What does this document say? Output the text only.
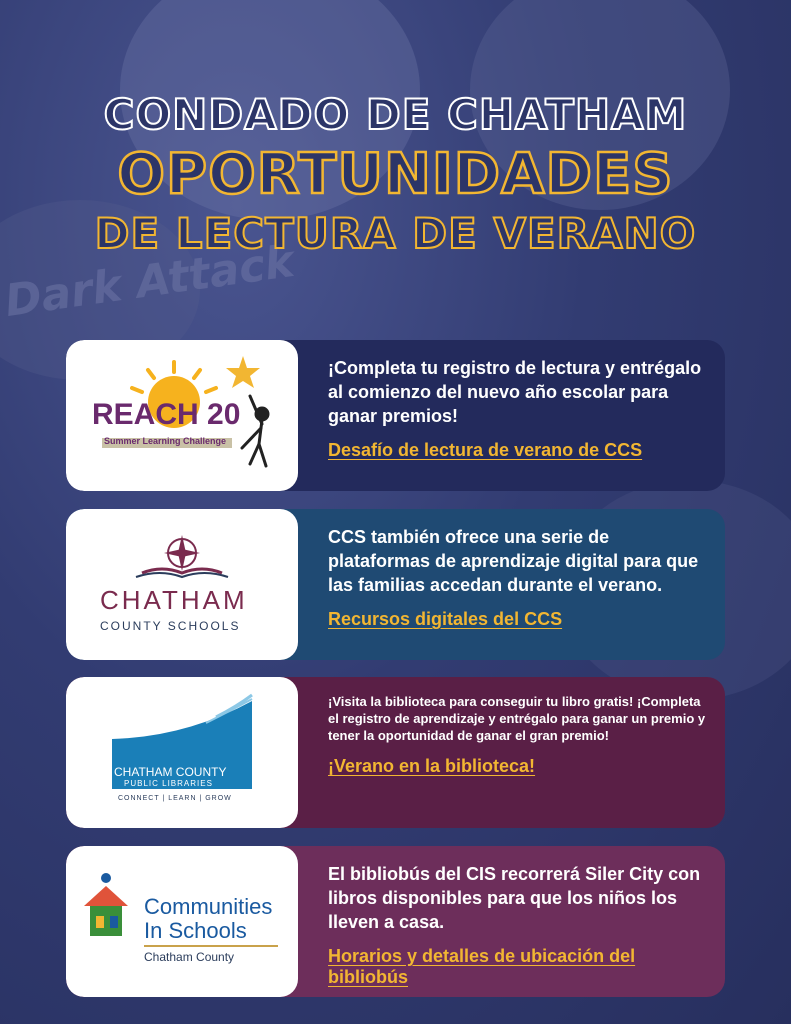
Dark Attack
CONDADO DE CHATHAM
OPORTUNIDADES
DE LECTURA DE VERANO
REACH 20
Summer Learning Challenge
¡Completa tu registro de lectura y entrégalo al comienzo del nuevo año escolar para ganar premios!
Desafío de lectura de verano de CCS
CHATHAM
COUNTY SCHOOLS
CCS también ofrece una serie de plataformas de aprendizaje digital para que las familias accedan durante el verano.
Recursos digitales del CCS
CHATHAM COUNTY
PUBLIC LIBRARIES
CONNECT | LEARN | GROW
¡Visita la biblioteca para conseguir tu libro gratis! ¡Completa el registro de aprendizaje y entrégalo para ganar un premio y tener la oportunidad de ganar el gran premio!
¡Verano en la biblioteca!
Communities
In Schools
Chatham County
El bibliobús del CIS recorrerá Siler City con libros disponibles para que los niños los lleven a casa.
Horarios y detalles de ubicación del bibliobús
